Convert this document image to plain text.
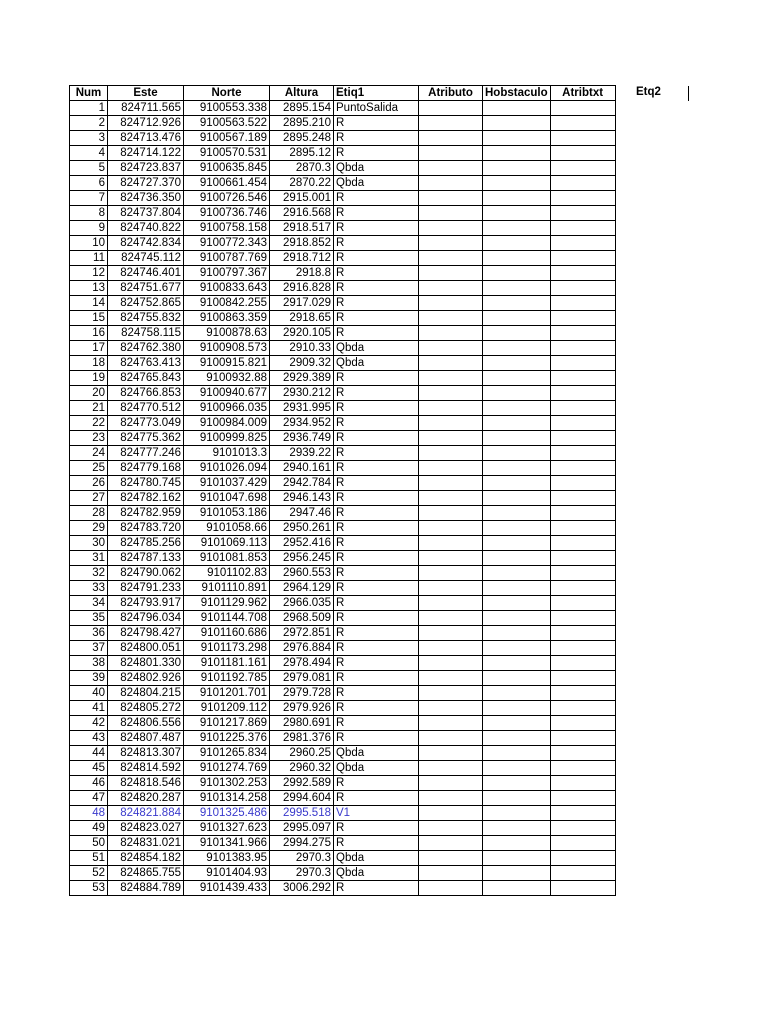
Num	Este	Norte	Altura	Etiq1	Atributo	Hobstaculo	Atribtxt
1	824711.565	9100553.338	2895.154	PuntoSalida			
2	824712.926	9100563.522	2895.210	R			
3	824713.476	9100567.189	2895.248	R			
4	824714.122	9100570.531	2895.12	R			
5	824723.837	9100635.845	2870.3	Qbda			
6	824727.370	9100661.454	2870.22	Qbda			
7	824736.350	9100726.546	2915.001	R			
8	824737.804	9100736.746	2916.568	R			
9	824740.822	9100758.158	2918.517	R			
10	824742.834	9100772.343	2918.852	R			
11	824745.112	9100787.769	2918.712	R			
12	824746.401	9100797.367	2918.8	R			
13	824751.677	9100833.643	2916.828	R			
14	824752.865	9100842.255	2917.029	R			
15	824755.832	9100863.359	2918.65	R			
16	824758.115	9100878.63	2920.105	R			
17	824762.380	9100908.573	2910.33	Qbda			
18	824763.413	9100915.821	2909.32	Qbda			
19	824765.843	9100932.88	2929.389	R			
20	824766.853	9100940.677	2930.212	R			
21	824770.512	9100966.035	2931.995	R			
22	824773.049	9100984.009	2934.952	R			
23	824775.362	9100999.825	2936.749	R			
24	824777.246	9101013.3	2939.22	R			
25	824779.168	9101026.094	2940.161	R			
26	824780.745	9101037.429	2942.784	R			
27	824782.162	9101047.698	2946.143	R			
28	824782.959	9101053.186	2947.46	R			
29	824783.720	9101058.66	2950.261	R			
30	824785.256	9101069.113	2952.416	R			
31	824787.133	9101081.853	2956.245	R			
32	824790.062	9101102.83	2960.553	R			
33	824791.233	9101110.891	2964.129	R			
34	824793.917	9101129.962	2966.035	R			
35	824796.034	9101144.708	2968.509	R			
36	824798.427	9101160.686	2972.851	R			
37	824800.051	9101173.298	2976.884	R			
38	824801.330	9101181.161	2978.494	R			
39	824802.926	9101192.785	2979.081	R			
40	824804.215	9101201.701	2979.728	R			
41	824805.272	9101209.112	2979.926	R			
42	824806.556	9101217.869	2980.691	R			
43	824807.487	9101225.376	2981.376	R			
44	824813.307	9101265.834	2960.25	Qbda			
45	824814.592	9101274.769	2960.32	Qbda			
46	824818.546	9101302.253	2992.589	R			
47	824820.287	9101314.258	2994.604	R			
48	824821.884	9101325.486	2995.518	V1			
49	824823.027	9101327.623	2995.097	R			
50	824831.021	9101341.966	2994.275	R			
51	824854.182	9101383.95	2970.3	Qbda			
52	824865.755	9101404.93	2970.3	Qbda			
53	824884.789	9101439.433	3006.292	R			
Etq2
